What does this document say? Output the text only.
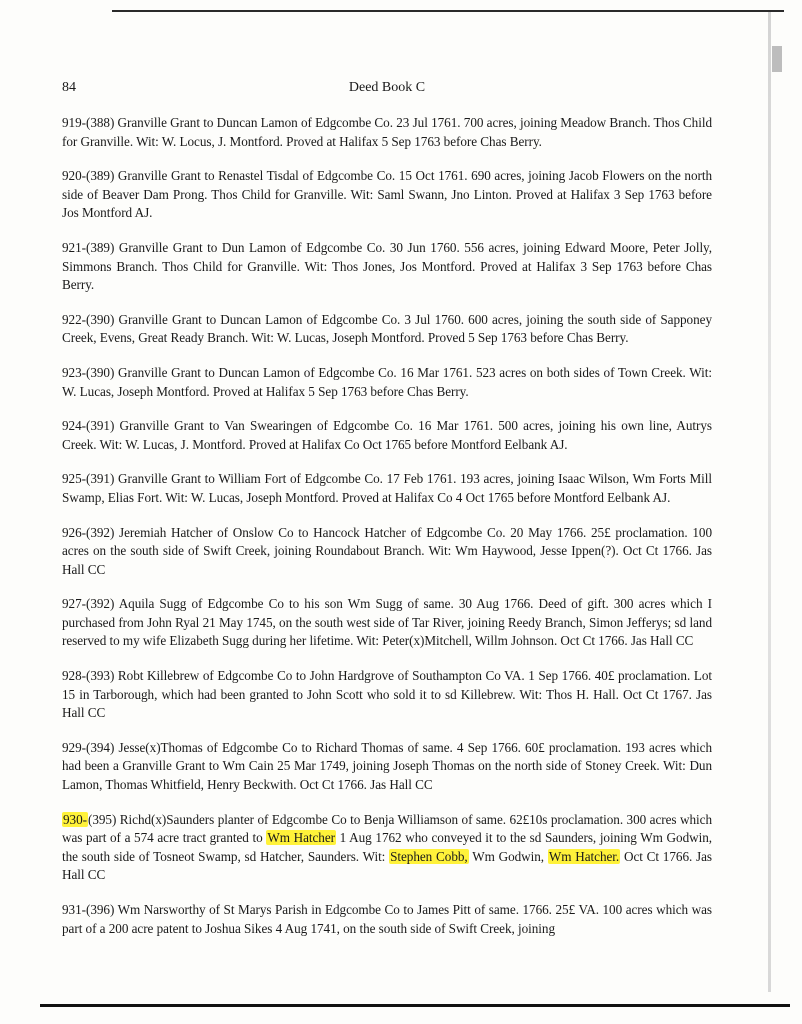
84	Deed Book C

919-(388) Granville Grant to Duncan Lamon of Edgcombe Co. 23 Jul 1761. 700 acres, joining Meadow Branch. Thos Child for Granville. Wit: W. Locus, J. Montford. Proved at Halifax 5 Sep 1763 before Chas Berry.

920-(389) Granville Grant to Renastel Tisdal of Edgcombe Co. 15 Oct 1761. 690 acres, joining Jacob Flowers on the north side of Beaver Dam Prong. Thos Child for Granville. Wit: Saml Swann, Jno Linton. Proved at Halifax 3 Sep 1763 before Jos Montford AJ.

921-(389) Granville Grant to Dun Lamon of Edgcombe Co. 30 Jun 1760. 556 acres, joining Edward Moore, Peter Jolly, Simmons Branch. Thos Child for Granville. Wit: Thos Jones, Jos Montford. Proved at Halifax 3 Sep 1763 before Chas Berry.

922-(390) Granville Grant to Duncan Lamon of Edgcombe Co. 3 Jul 1760. 600 acres, joining the south side of Sapponey Creek, Evens, Great Ready Branch. Wit: W. Lucas, Joseph Montford. Proved 5 Sep 1763 before Chas Berry.

923-(390) Granville Grant to Duncan Lamon of Edgcombe Co. 16 Mar 1761. 523 acres on both sides of Town Creek. Wit: W. Lucas, Joseph Montford. Proved at Halifax 5 Sep 1763 before Chas Berry.

924-(391) Granville Grant to Van Swearingen of Edgcombe Co. 16 Mar 1761. 500 acres, joining his own line, Autrys Creek. Wit: W. Lucas, J. Montford. Proved at Halifax Co Oct 1765 before Montford Eelbank AJ.

925-(391) Granville Grant to William Fort of Edgcombe Co. 17 Feb 1761. 193 acres, joining Isaac Wilson, Wm Forts Mill Swamp, Elias Fort. Wit: W. Lucas, Joseph Montford. Proved at Halifax Co 4 Oct 1765 before Montford Eelbank AJ.

926-(392) Jeremiah Hatcher of Onslow Co to Hancock Hatcher of Edgcombe Co. 20 May 1766. 25£ proclamation. 100 acres on the south side of Swift Creek, joining Roundabout Branch. Wit: Wm Haywood, Jesse Ippen(?). Oct Ct 1766. Jas Hall CC

927-(392) Aquila Sugg of Edgcombe Co to his son Wm Sugg of same. 30 Aug 1766. Deed of gift. 300 acres which I purchased from John Ryal 21 May 1745, on the south west side of Tar River, joining Reedy Branch, Simon Jefferys; sd land reserved to my wife Elizabeth Sugg during her lifetime. Wit: Peter(x)Mitchell, Willm Johnson. Oct Ct 1766. Jas Hall CC

928-(393) Robt Killebrew of Edgcombe Co to John Hardgrove of Southampton Co VA. 1 Sep 1766. 40£ proclamation. Lot 15 in Tarborough, which had been granted to John Scott who sold it to sd Killebrew. Wit: Thos H. Hall. Oct Ct 1767. Jas Hall CC

929-(394) Jesse(x)Thomas of Edgcombe Co to Richard Thomas of same. 4 Sep 1766. 60£ proclamation. 193 acres which had been a Granville Grant to Wm Cain 25 Mar 1749, joining Joseph Thomas on the north side of Stoney Creek. Wit: Dun Lamon, Thomas Whitfield, Henry Beckwith. Oct Ct 1766. Jas Hall CC

930-(395) Richd(x)Saunders planter of Edgcombe Co to Benja Williamson of same. 62£10s proclamation. 300 acres which was part of a 574 acre tract granted to Wm Hatcher 1 Aug 1762 who conveyed it to the sd Saunders, joining Wm Godwin, the south side of Tosneot Swamp, sd Hatcher, Saunders. Wit: Stephen Cobb, Wm Godwin, Wm Hatcher. Oct Ct 1766. Jas Hall CC

931-(396) Wm Narsworthy of St Marys Parish in Edgcombe Co to James Pitt of same. 1766. 25£ VA. 100 acres which was part of a 200 acre patent to Joshua Sikes 4 Aug 1741, on the south side of Swift Creek, joining
